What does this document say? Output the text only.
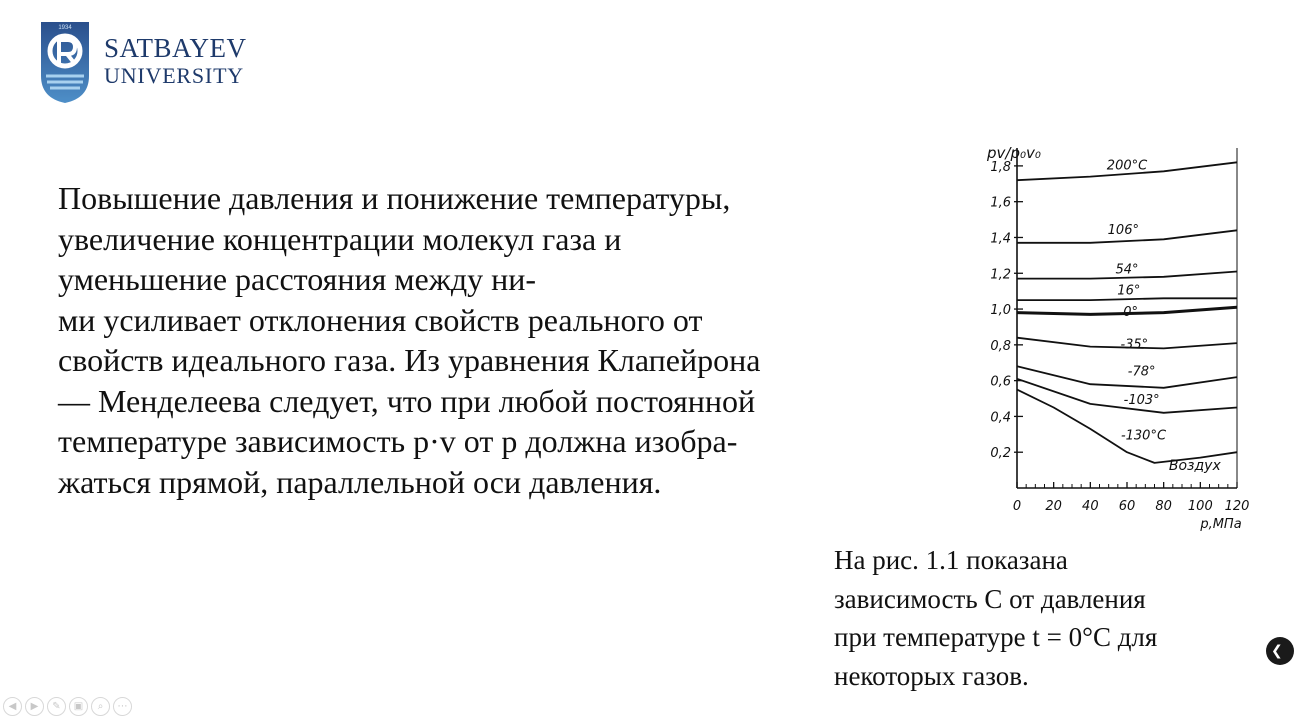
1934
SATBAYEV
UNIVERSITY

Повышение давления и понижение температуры,
увеличение концентрации молекул газа и
уменьшение расстояния между ни-
ми усиливает отклонения свойств реального от
свойств идеального газа. Из уравнения Клапейрона
— Менделеева следует, что при любой постоянной
температуре зависимость p·v от p должна изобра-
жаться прямой, параллельной оси давления.

0,2
0,4
0,6
0,8
1,0
1,2
1,4
1,6
1,8
0 20 40 60 80 100 120
pv/p₀v₀
p,МПа
200°C
106°
54°
16°
0°
-35°
-78°
-103°
-130°C
Воздух

На рис. 1.1 показана
зависимость C от давления
при температуре t = 0°C для
некоторых газов.

❮
◀	▶	✎	▣	⌕	⋯
